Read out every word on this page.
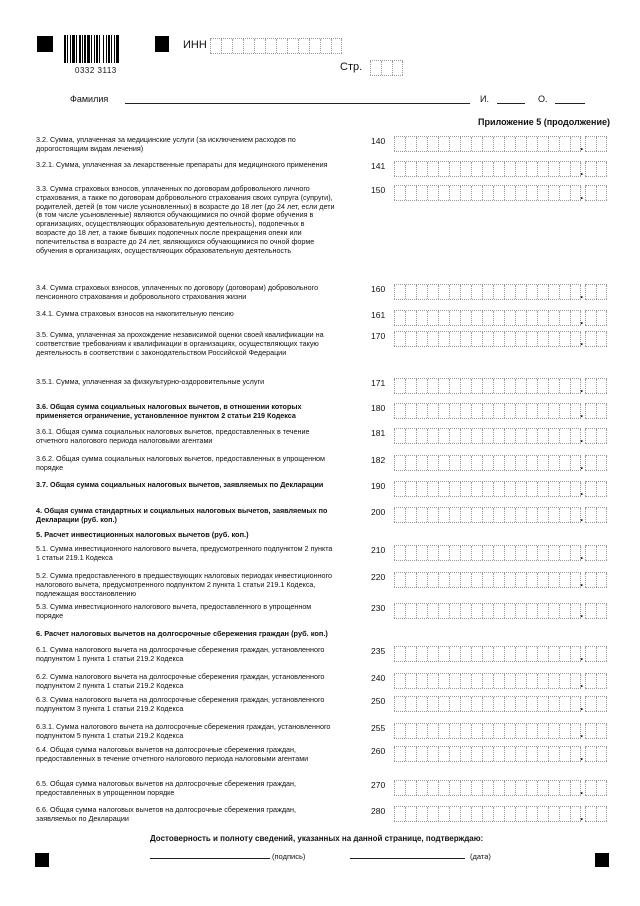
0332 3113
ИНН
Стр.
Фамилия	И.	О.
Приложение 5 (продолжение)
3.2. Сумма, уплаченная за медицинские услуги (за исключением расходов по дорогостоящим видам лечения)
140	.
3.2.1. Сумма, уплаченная за лекарственные препараты для медицинского применения	141	.
3.3. Сумма страховых взносов, уплаченных по договорам добровольного личного страхования, а также по договорам добровольного страхования своих супруга (супруги), родителей, детей (в том числе усыновленных) в возрасте до 18 лет (до 24 лет, если дети (в том числе усыновленные) являются обучающимися по очной форме обучения в организациях, осуществляющих образовательную деятельность), подопечных в возрасте до 18 лет, а также бывших подопечных после прекращения опеки или попечительства в возрасте до 24 лет, являющихся обучающимися по очной форме обучения в организациях, осуществляющих образовательную деятельность
150	.
3.4. Сумма страховых взносов, уплаченных по договору (договорам) добровольного пенсионного страхования и добровольного страхования жизни
160	.
3.4.1. Сумма страховых взносов на накопительную пенсию	161	.
3.5. Сумма, уплаченная за прохождение независимой оценки своей квалификации на соответствие требованиям к квалификации в организациях, осуществляющих такую деятельность в соответствии с законодательством Российской Федерации
170	.
3.5.1. Сумма, уплаченная за физкультурно-оздоровительные услуги	171	.
3.6. Общая сумма социальных налоговых вычетов, в отношении которых применяется ограничение, установленное пунктом 2 статьи 219 Кодекса
180	.
3.6.1. Общая сумма социальных налоговых вычетов, предоставленных в течение отчетного налогового периода налоговыми агентами
181	.
3.6.2. Общая сумма социальных налоговых вычетов, предоставленных в упрощенном порядке
182	.
3.7. Общая сумма социальных налоговых вычетов, заявляемых по Декларации	190	.
4. Общая сумма стандартных и социальных налоговых вычетов, заявляемых по Декларации (руб. коп.)
200	.
5.1. Сумма инвестиционного налогового вычета, предусмотренного подпунктом 2 пункта 1 статьи 219.1 Кодекса
210	.
5.2. Сумма предоставленного в предшествующих налоговых периодах инвестиционного налогового вычета, предусмотренного подпунктом 2 пункта 1 статьи 219.1 Кодекса, подлежащая восстановлению
220	.
5.3. Сумма инвестиционного налогового вычета, предоставленного в упрощенном порядке
230	.
6.1. Сумма налогового вычета на долгосрочные сбережения граждан, установленного подпунктом 1 пункта 1 статьи 219.2 Кодекса
235	.
6.2. Сумма налогового вычета на долгосрочные сбережения граждан, установленного подпунктом 2 пункта 1 статьи 219.2 Кодекса
240	.
6.3. Сумма налогового вычета на долгосрочные сбережения граждан, установленного подпунктом 3 пункта 1 статьи 219.2 Кодекса
250	.
6.3.1. Сумма налогового вычета на долгосрочные сбережения граждан, установленного подпунктом 5 пункта 1 статьи 219.2 Кодекса
255	.
6.4. Общая сумма налоговых вычетов на долгосрочные сбережения граждан, предоставленных в течение отчетного налогового периода налоговыми агентами
260	.
6.5. Общая сумма налоговых вычетов на долгосрочные сбережения граждан, предоставленных в упрощенном порядке
270	.
6.6. Общая сумма налоговых вычетов на долгосрочные сбережения граждан, заявляемых по Декларации
280	.
5. Расчет инвестиционных налоговых вычетов (руб. коп.)
6. Расчет налоговых вычетов на долгосрочные сбережения граждан (руб. коп.)
Достоверность и полноту сведений, указанных на данной странице, подтверждаю:
(подпись)	(дата)
